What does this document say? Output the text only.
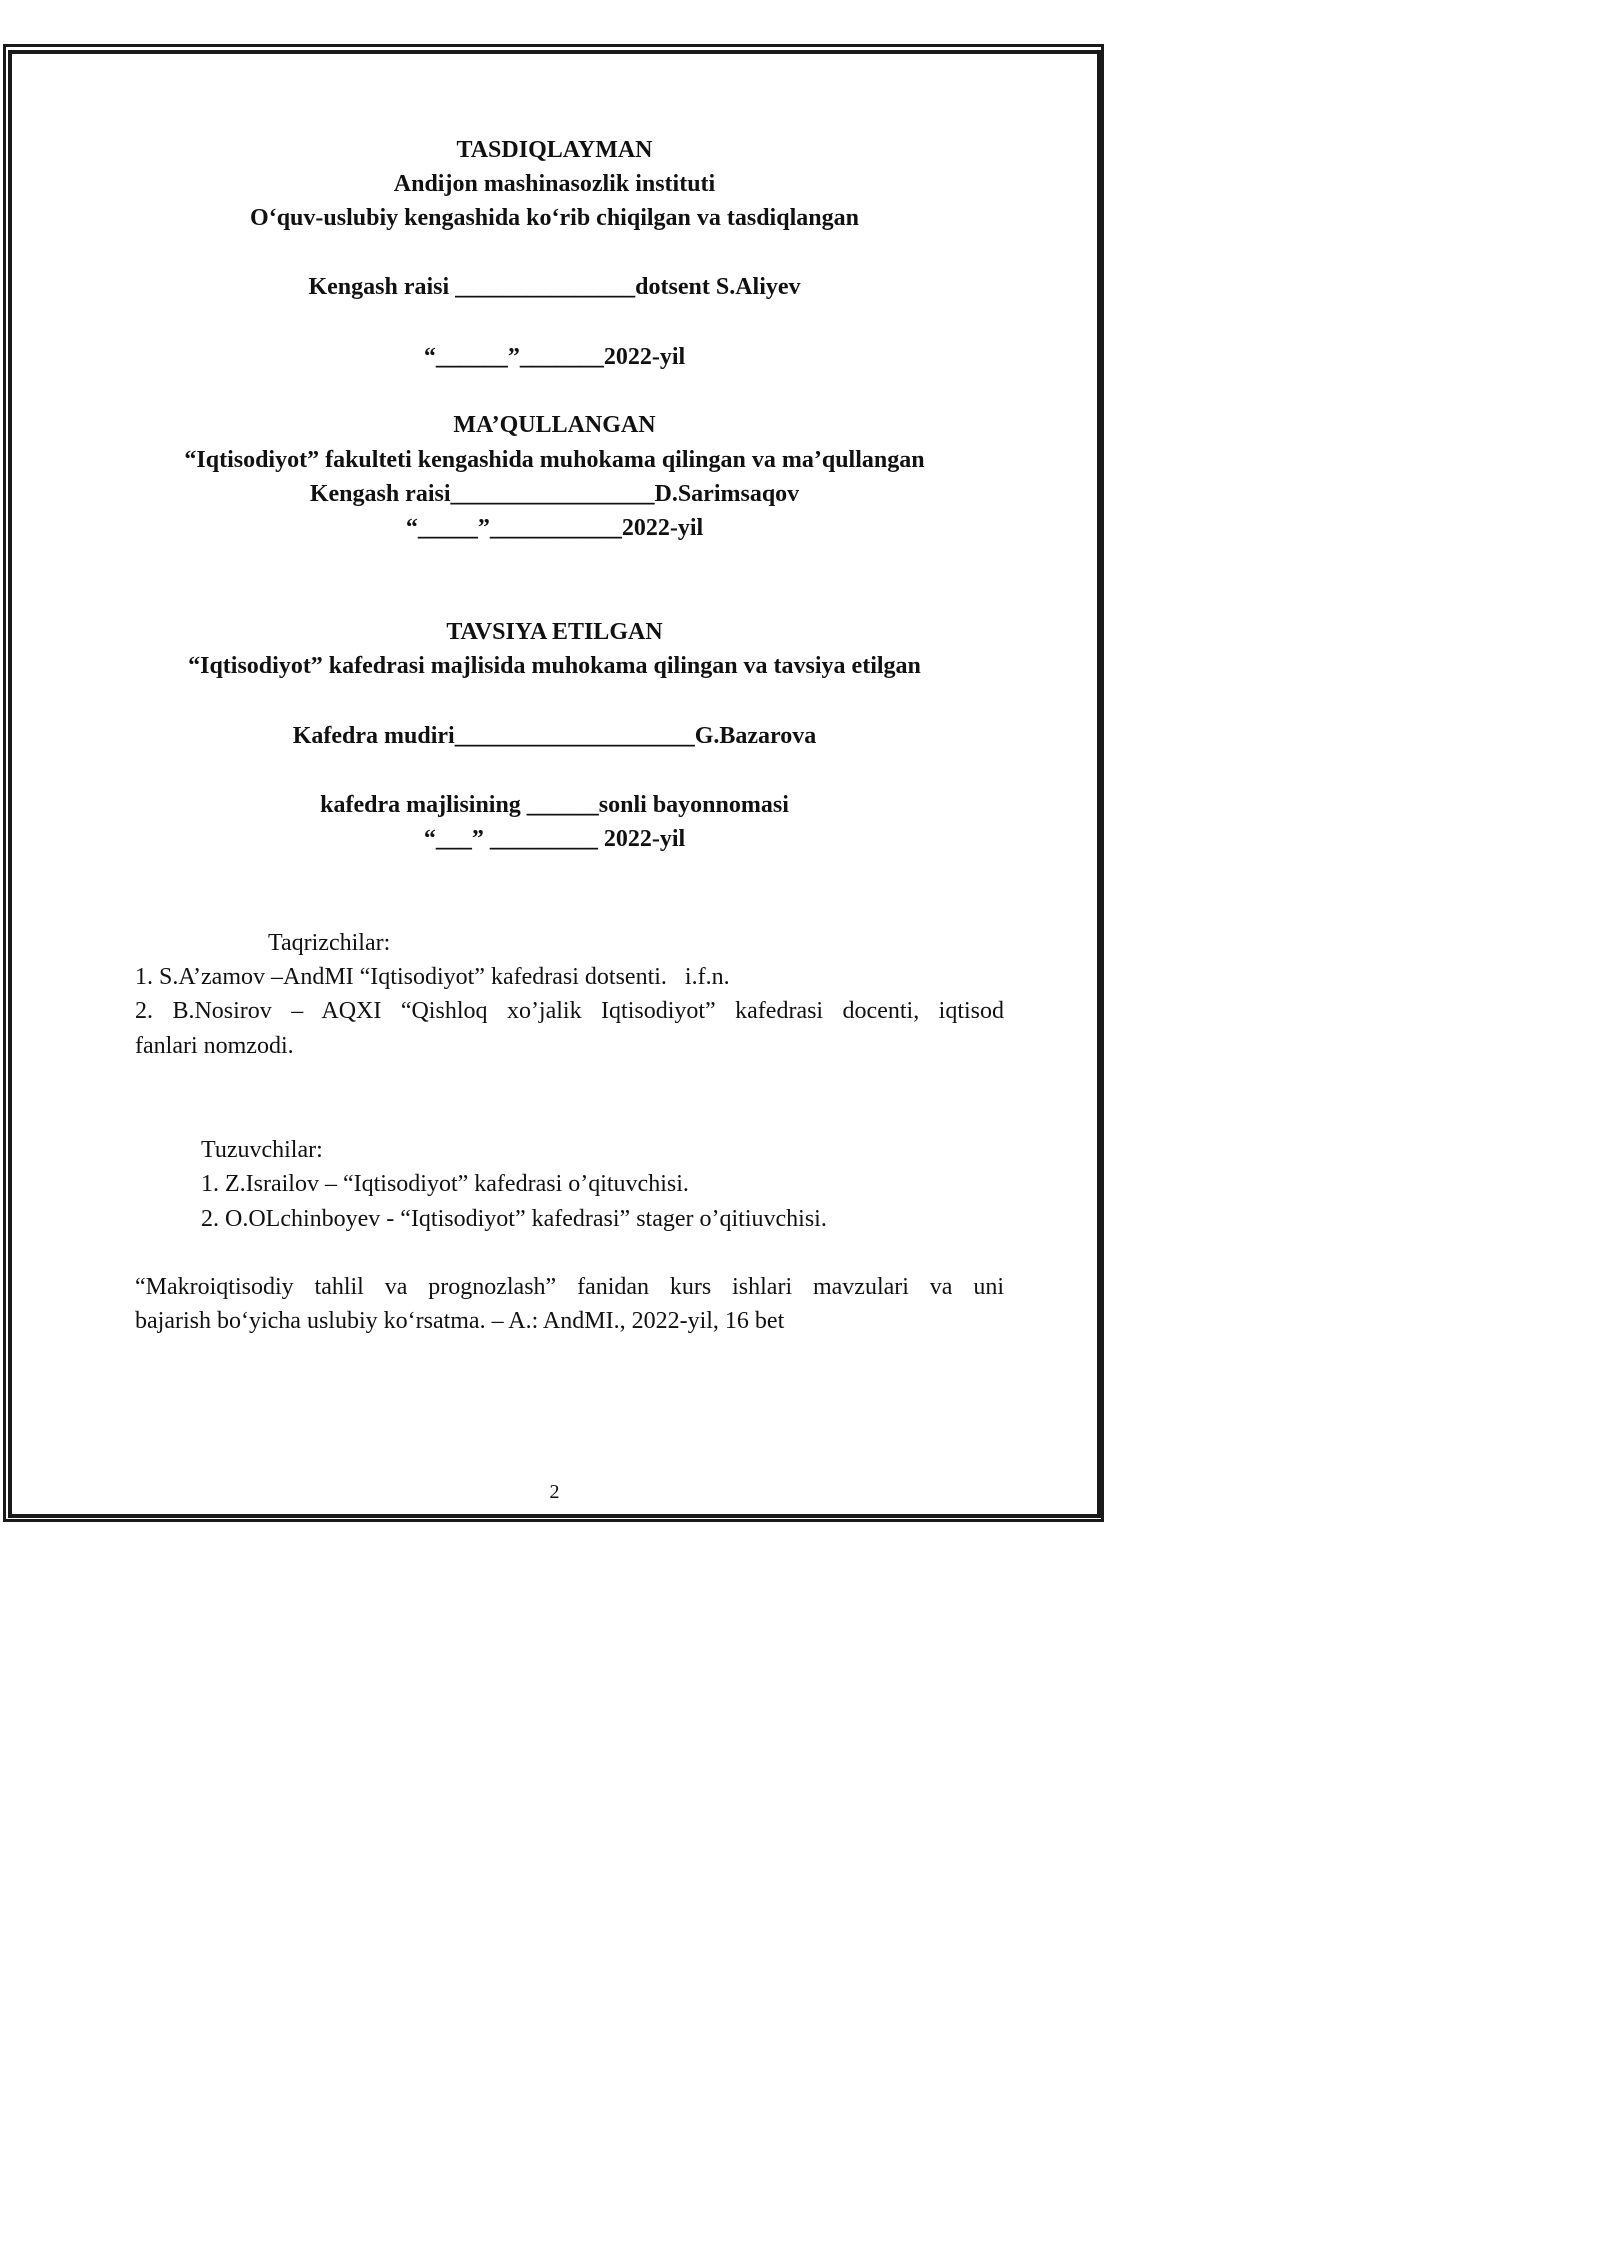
TASDIQLAYMAN
Andijon mashinasozlik instituti
O‘quv-uslubiy kengashida ko‘rib chiqilgan va tasdiqlangan
Kengash raisi _______________dotsent S.Aliyev
“______”_______2022-yil
MA’QULLANGAN
“Iqtisodiyot” fakulteti kengashida muhokama qilingan va ma’qullangan
Kengash raisi_________________D.Sarimsaqov
“_____”___________2022-yil
TAVSIYA ETILGAN
“Iqtisodiyot” kafedrasi majlisida muhokama qilingan va tavsiya etilgan
Kafedra mudiri____________________G.Bazarova
kafedra majlisining ______sonli bayonnomasi
“___” _________ 2022-yil
Taqrizchilar:
1. S.A’zamov –AndMI “Iqtisodiyot” kafedrasi dotsenti.   i.f.n.
2. B.Nosirov – AQXI “Qishloq xo’jalik Iqtisodiyot” kafedrasi docenti, iqtisod
fanlari nomzodi.
Tuzuvchilar:
1. Z.Israilov – “Iqtisodiyot” kafedrasi o’qituvchisi.
2. O.OLchinboyev - “Iqtisodiyot” kafedrasi” stager o’qitiuvchisi.
“Makroiqtisodiy tahlil va prognozlash” fanidan kurs ishlari mavzulari va uni
bajarish bo‘yicha uslubiy ko‘rsatma. – A.: AndMI., 2022-yil, 16 bet
2
